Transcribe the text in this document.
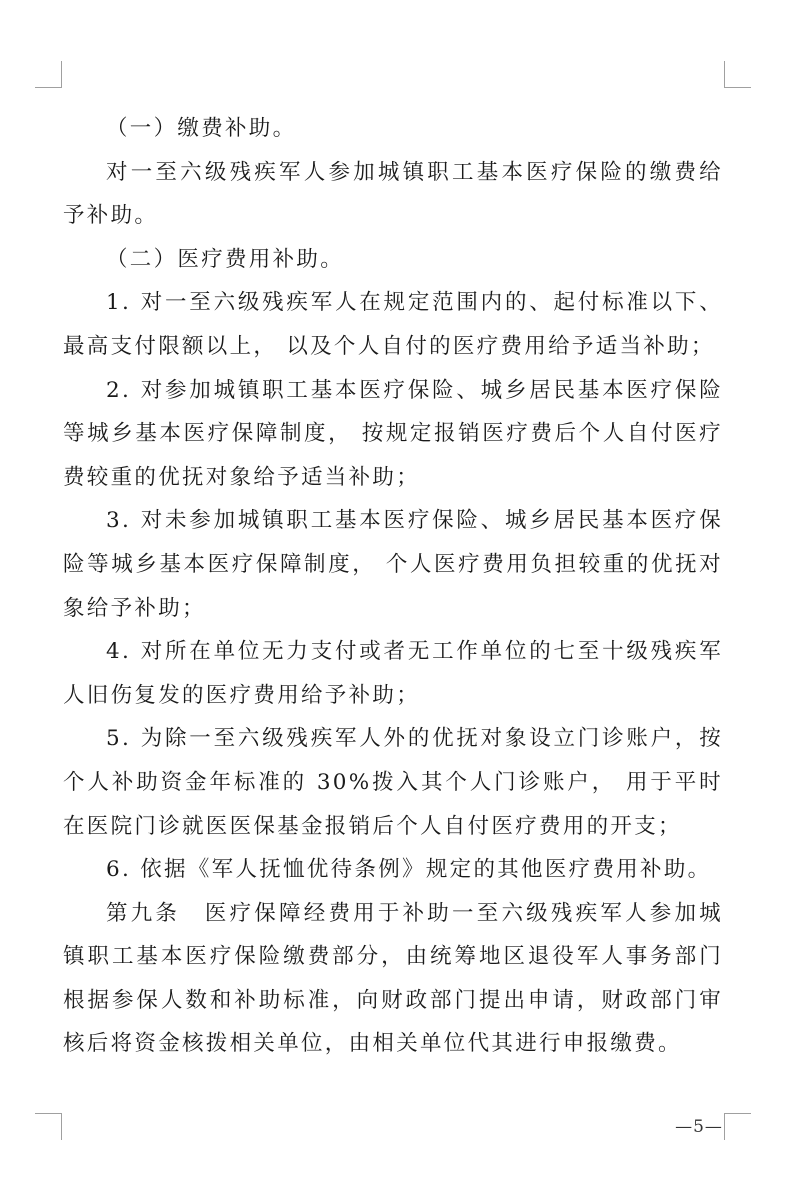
（一）缴费补助。

对一至六级残疾军人参加城镇职工基本医疗保险的缴费给予补助。

（二）医疗费用补助。

1. 对一至六级残疾军人在规定范围内的、起付标准以下、最高支付限额以上， 以及个人自付的医疗费用给予适当补助；

2. 对参加城镇职工基本医疗保险、城乡居民基本医疗保险等城乡基本医疗保障制度， 按规定报销医疗费后个人自付医疗费较重的优抚对象给予适当补助；

3. 对未参加城镇职工基本医疗保险、城乡居民基本医疗保险等城乡基本医疗保障制度， 个人医疗费用负担较重的优抚对象给予补助；

4. 对所在单位无力支付或者无工作单位的七至十级残疾军人旧伤复发的医疗费用给予补助；

5. 为除一至六级残疾军人外的优抚对象设立门诊账户，按个人补助资金年标准的 30%拨入其个人门诊账户， 用于平时在医院门诊就医医保基金报销后个人自付医疗费用的开支；

6. 依据《军人抚恤优待条例》规定的其他医疗费用补助。

第九条　医疗保障经费用于补助一至六级残疾军人参加城镇职工基本医疗保险缴费部分，由统筹地区退役军人事务部门根据参保人数和补助标准，向财政部门提出申请，财政部门审核后将资金核拨相关单位，由相关单位代其进行申报缴费。

—5—
